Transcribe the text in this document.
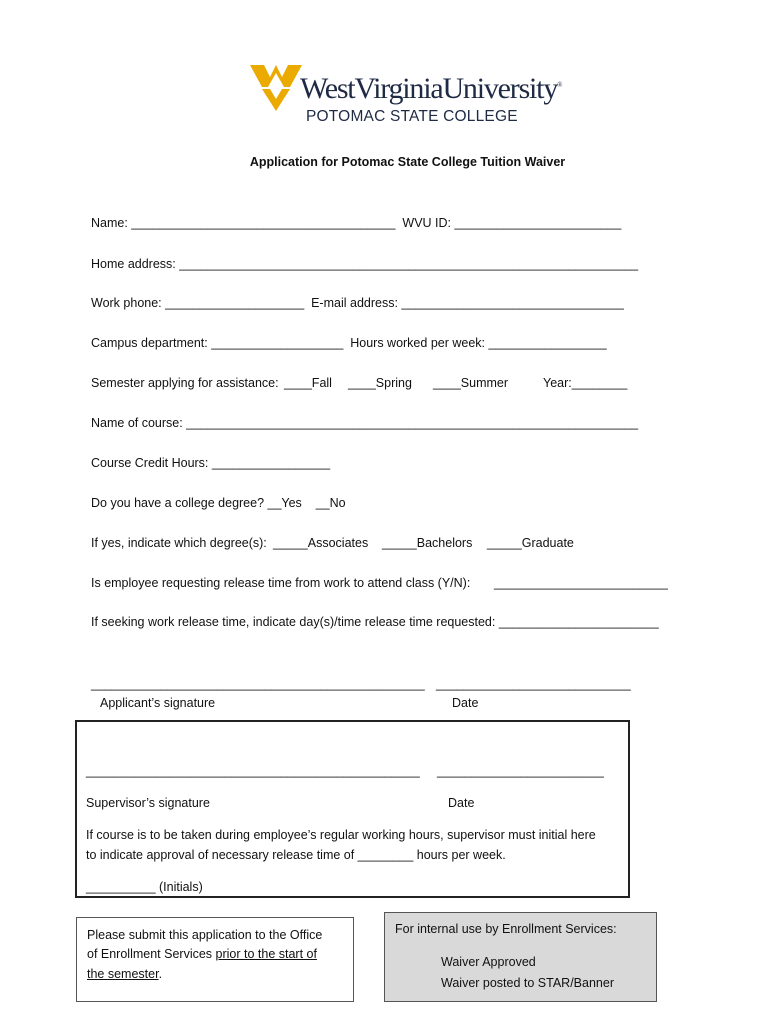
WestVirginiaUniversity®
POTOMAC STATE COLLEGE
Application for Potomac State College Tuition Waiver
Name: ______________________________________  WVU ID: ________________________
Home address: __________________________________________________________________
Work phone: ____________________  E-mail address: ________________________________
Campus department: ___________________  Hours worked per week: _________________
Semester applying for assistance: ____Fall ____Spring ____Summer	Year:________
Name of course: _________________________________________________________________
Course Credit Hours: _________________
Do you have a college degree? __Yes    __No
If yes, indicate which degree(s): _____Associates _____Bachelors _____Graduate
Is employee requesting release time from work to attend class (Y/N): _________________________
If seeking work release time, indicate day(s)/time release time requested: _______________________
________________________________________________ ____________________________
Applicant’s signature	Date
________________________________________________ ________________________
Supervisor’s signature	Date
If course is to be taken during employee’s regular working hours, supervisor must initial here
to indicate approval of necessary release time of ________ hours per week.
__________ (Initials)
Please submit this application to the Office
of Enrollment Services prior to the start of
the semester.
For internal use by Enrollment Services:
Waiver Approved
Waiver posted to STAR/Banner
